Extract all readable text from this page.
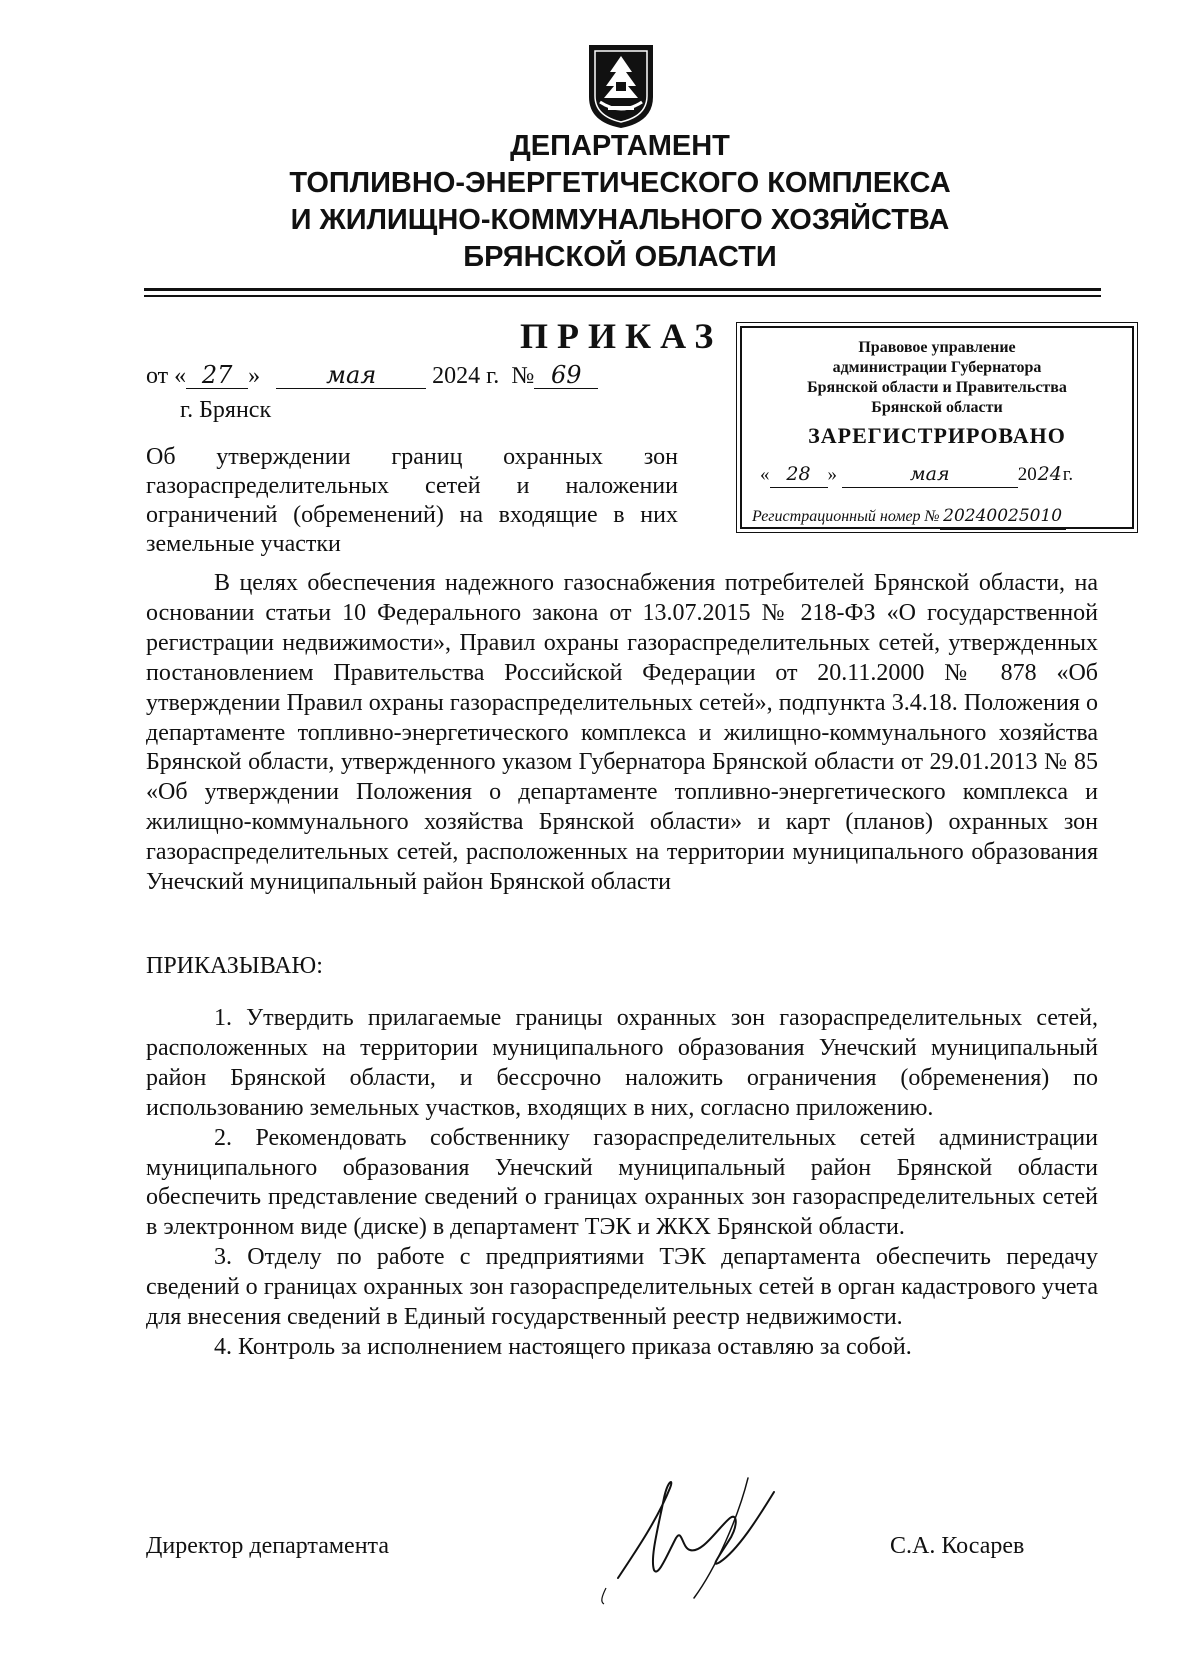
ДЕПАРТАМЕНТ
ТОПЛИВНО-ЭНЕРГЕТИЧЕСКОГО КОМПЛЕКСА
И ЖИЛИЩНО-КОММУНАЛЬНОГО ХОЗЯЙСТВА
БРЯНСКОЙ ОБЛАСТИ
ПРИКАЗ
от « 27 »	мая 2024 г. № 69
г. Брянск
Об утверждении границ охранных зон газораспределительных сетей и наложении ограничений (обременений) на входящие в них земельные участки
Правовое управление
администрации Губернатора
Брянской области и Правительства
Брянской области
ЗАРЕГИСТРИРОВАНО
« 28 »	мая	2024г.
Регистрационный номер № 20240025010
В целях обеспечения надежного газоснабжения потребителей Брянской области, на основании статьи 10 Федерального закона от 13.07.2015 № 218-ФЗ «О государственной регистрации недвижимости», Правил охраны газораспределительных сетей, утвержденных постановлением Правительства Российской Федерации от 20.11.2000 № 878 «Об утверждении Правил охраны газораспределительных сетей», подпункта 3.4.18. Положения о департаменте топливно-энергетического комплекса и жилищно-коммунального хозяйства Брянской области, утвержденного указом Губернатора Брянской области от 29.01.2013 № 85 «Об утверждении Положения о департаменте топливно-энергетического комплекса и жилищно-коммунального хозяйства Брянской области» и карт (планов) охранных зон газораспределительных сетей, расположенных на территории муниципального образования Унечский муниципальный район Брянской области
ПРИКАЗЫВАЮ:

1. Утвердить прилагаемые границы охранных зон газораспределительных сетей, расположенных на территории муниципального образования Унечский муниципальный район Брянской области, и бессрочно наложить ограничения (обременения) по использованию земельных участков, входящих в них, согласно приложению.

2. Рекомендовать собственнику газораспределительных сетей администрации муниципального образования Унечский муниципальный район Брянской области обеспечить представление сведений о границах охранных зон газораспределительных сетей в электронном виде (диске) в департамент ТЭК и ЖКХ Брянской области.

3. Отделу по работе с предприятиями ТЭК департамента обеспечить передачу сведений о границах охранных зон газораспределительных сетей в орган кадастрового учета для внесения сведений в Единый государственный реестр недвижимости.

4. Контроль за исполнением настоящего приказа оставляю за собой.

Директор департамента	С.А. Косарев
